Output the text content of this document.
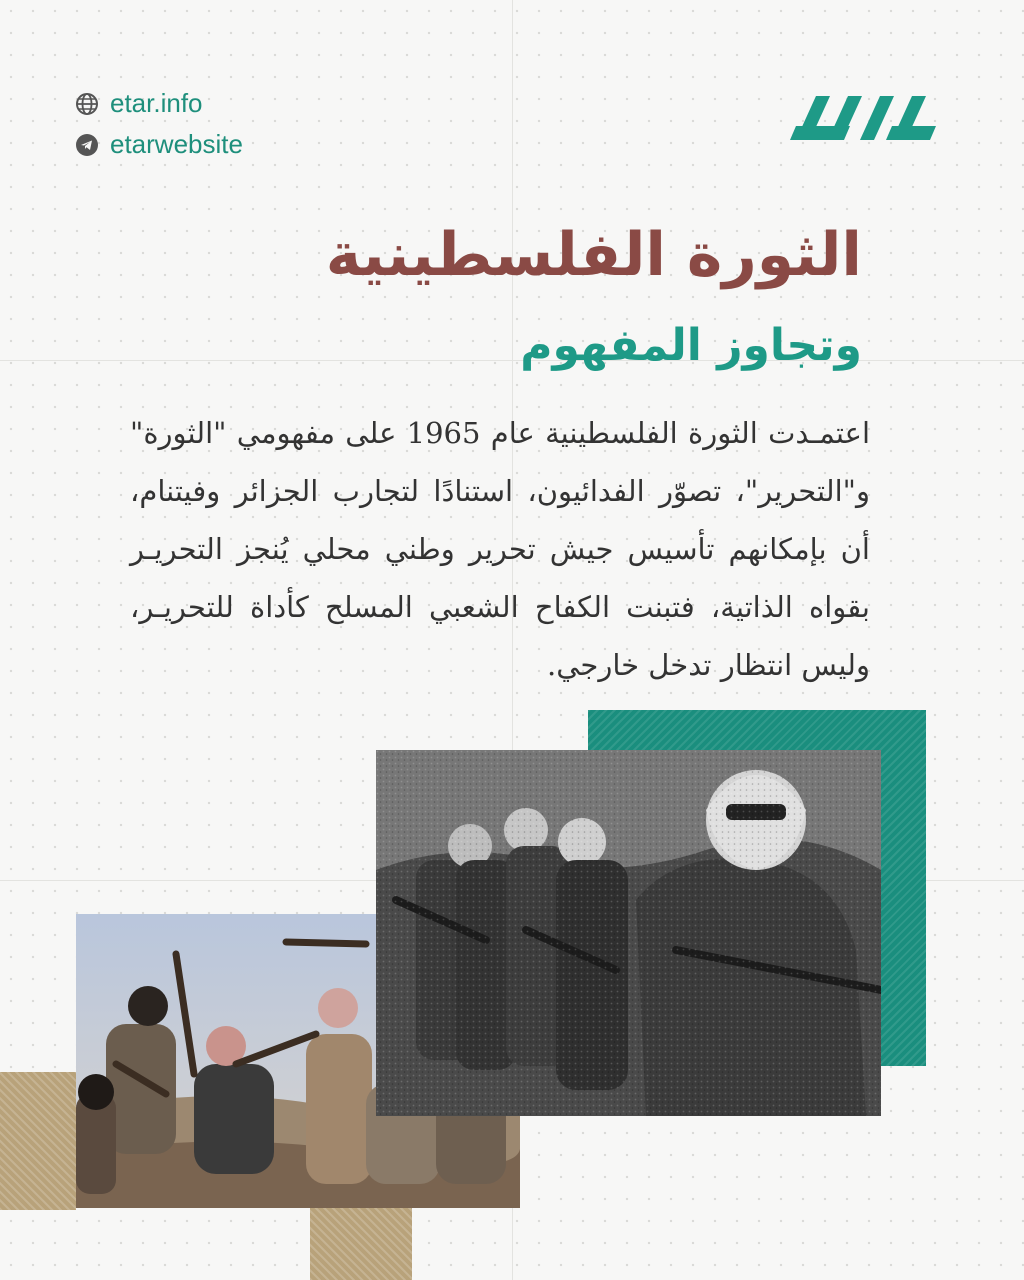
etar.info
etarwebsite
الثورة الفلسطينية
وتجاوز المفهوم
اعتمـدت الثورة الفلسطينية عام 1965 على مفهومي "الثورة" و"التحرير"، تصوّر الفدائيون، استنادًا لتجارب الجزائر وفيتنام، أن بإمكانهم تأسيس جيش تحرير وطني محلي يُنجز التحريـر بقواه الذاتية، فتبنت الكفاح الشعبي المسلح كأداة للتحريـر، وليس انتظار تدخل خارجي.
